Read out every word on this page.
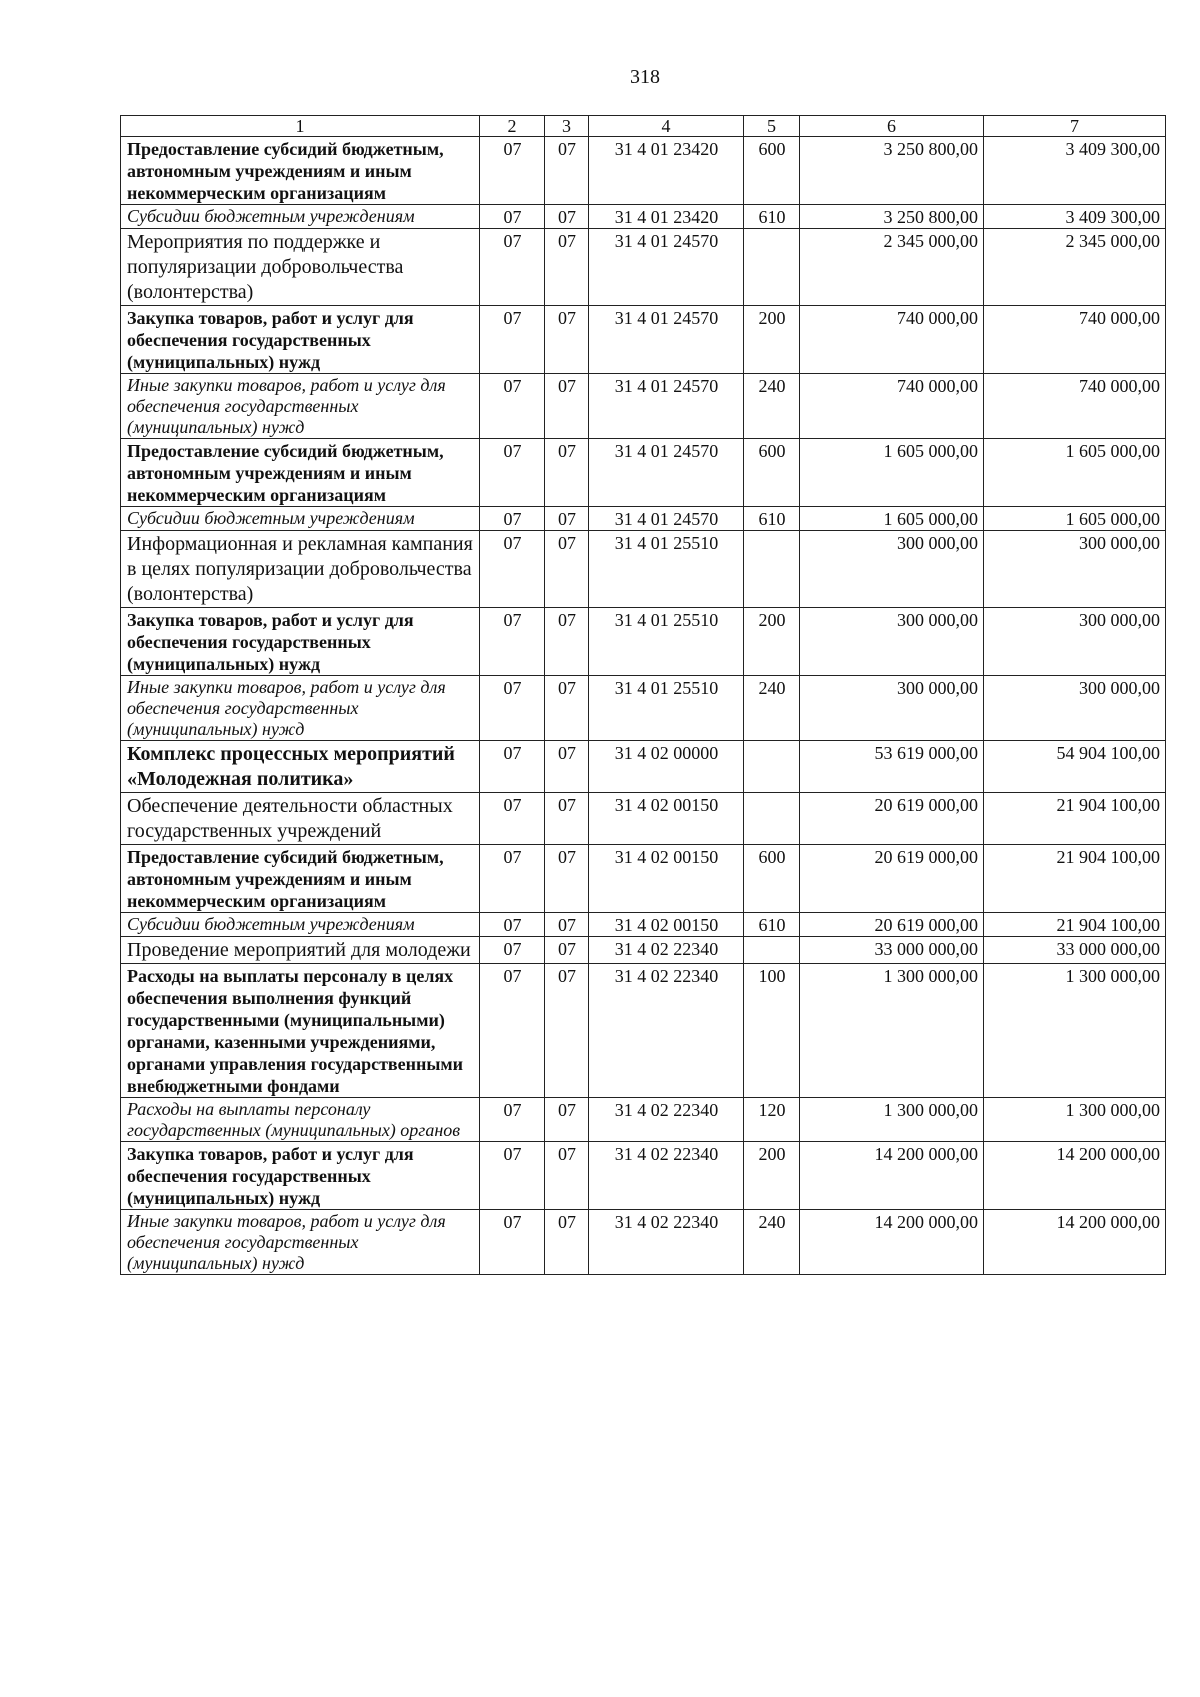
318
1	2	3	4	5	6	7
Предоставление субсидий бюджетным, автономным учреждениям и иным некоммерческим организациям	07	07	31 4 01 23420	600	3 250 800,00	3 409 300,00
Субсидии бюджетным учреждениям	07	07	31 4 01 23420	610	3 250 800,00	3 409 300,00
Мероприятия по поддержке и популяризации добровольчества (волонтерства)	07	07	31 4 01 24570		2 345 000,00	2 345 000,00
Закупка товаров, работ и услуг для обеспечения государственных (муниципальных) нужд	07	07	31 4 01 24570	200	740 000,00	740 000,00
Иные закупки товаров, работ и услуг для обеспечения государственных (муниципальных) нужд	07	07	31 4 01 24570	240	740 000,00	740 000,00
Предоставление субсидий бюджетным, автономным учреждениям и иным некоммерческим организациям	07	07	31 4 01 24570	600	1 605 000,00	1 605 000,00
Субсидии бюджетным учреждениям	07	07	31 4 01 24570	610	1 605 000,00	1 605 000,00
Информационная и рекламная кампания в целях популяризации добровольчества (волонтерства)	07	07	31 4 01 25510		300 000,00	300 000,00
Закупка товаров, работ и услуг для обеспечения государственных (муниципальных) нужд	07	07	31 4 01 25510	200	300 000,00	300 000,00
Иные закупки товаров, работ и услуг для обеспечения государственных (муниципальных) нужд	07	07	31 4 01 25510	240	300 000,00	300 000,00
Комплекс процессных мероприятий «Молодежная политика»	07	07	31 4 02 00000		53 619 000,00	54 904 100,00
Обеспечение деятельности областных государственных учреждений	07	07	31 4 02 00150		20 619 000,00	21 904 100,00
Предоставление субсидий бюджетным, автономным учреждениям и иным некоммерческим организациям	07	07	31 4 02 00150	600	20 619 000,00	21 904 100,00
Субсидии бюджетным учреждениям	07	07	31 4 02 00150	610	20 619 000,00	21 904 100,00
Проведение мероприятий для молодежи	07	07	31 4 02 22340		33 000 000,00	33 000 000,00
Расходы на выплаты персоналу в целях обеспечения выполнения функций государственными (муниципальными) органами, казенными учреждениями, органами управления государственными внебюджетными фондами	07	07	31 4 02 22340	100	1 300 000,00	1 300 000,00
Расходы на выплаты персоналу государственных (муниципальных) органов	07	07	31 4 02 22340	120	1 300 000,00	1 300 000,00
Закупка товаров, работ и услуг для обеспечения государственных (муниципальных) нужд	07	07	31 4 02 22340	200	14 200 000,00	14 200 000,00
Иные закупки товаров, работ и услуг для обеспечения государственных (муниципальных) нужд	07	07	31 4 02 22340	240	14 200 000,00	14 200 000,00
